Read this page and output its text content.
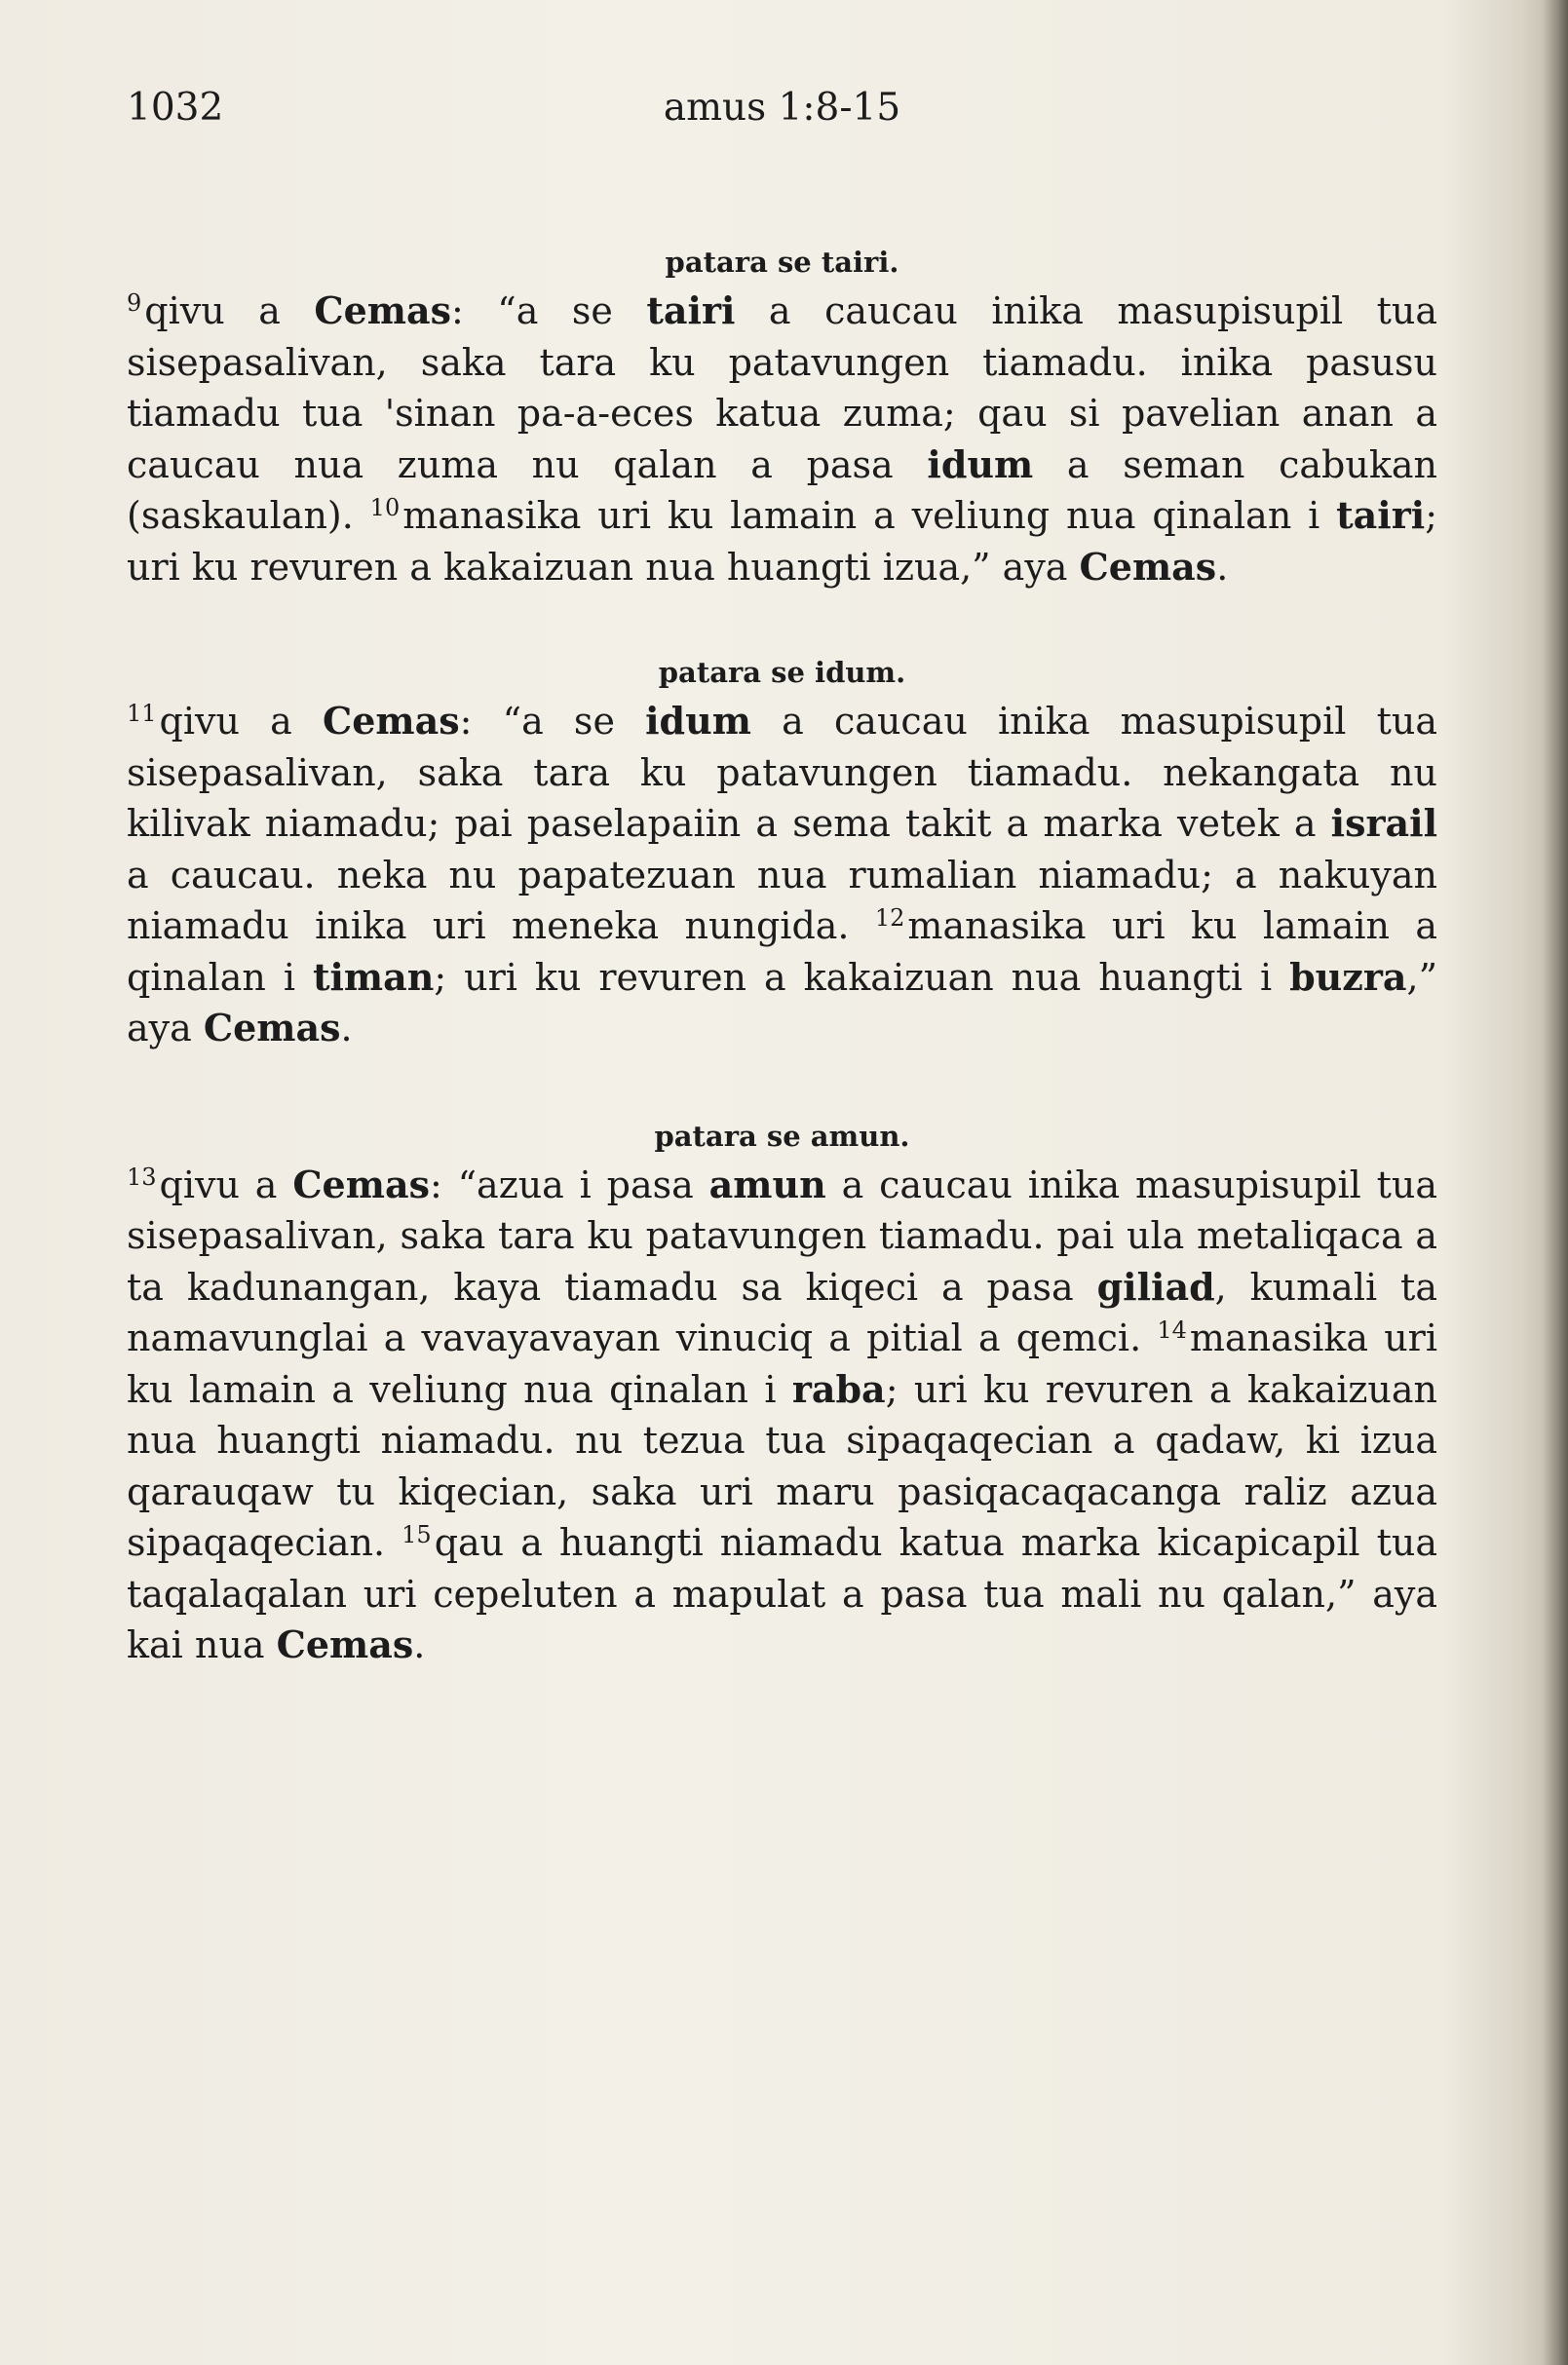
1032	amus 1:8-15
patara se tairi.

$^9$qivu a Cemas: “a se tairi a caucau inika masupisupil tua sisepasalivan, saka tara ku patavungen tiamadu. inika pasusu tiamadu tua 'sinan pa-a-eces katua zuma; qau si pavelian anan a caucau nua zuma nu qalan a pasa idum a seman cabukan (saskaulan). $^{10}$manasika uri ku lamain a veliung nua qinalan i tairi; uri ku revuren a kakaizuan nua huangti izua,” aya Cemas.

patara se idum.

$^{11}$qivu a Cemas: “a se idum a caucau inika masupisupil tua sisepasalivan, saka tara ku patavungen tiamadu. nekangata nu kilivak niamadu; pai paselapaiin a sema takit a marka vetek a israil a caucau. neka nu papatezuan nua rumalian niamadu; a nakuyan niamadu inika uri meneka nungida. $^{12}$manasika uri ku lamain a qinalan i timan; uri ku revuren a kakaizuan nua huangti i buzra,” aya Cemas.

patara se amun.

$^{13}$qivu a Cemas: “azua i pasa amun a caucau inika masupisupil tua sisepasalivan, saka tara ku patavungen tiamadu. pai ula metaliqaca a ta kadunangan, kaya tiamadu sa kiqeci a pasa giliad, kumali ta namavunglai a vavayavayan vinuciq a pitial a qemci. $^{14}$manasika uri ku lamain a veliung nua qinalan i raba; uri ku revuren a kakaizuan nua huangti niamadu. nu tezua tua sipaqaqecian a qadaw, ki izua qarauqaw tu kiqecian, saka uri maru pasiqacaqacanga raliz azua sipaqaqecian. $^{15}$qau a huangti niamadu katua marka kicapicapil tua taqalaqalan uri cepeluten a mapulat a pasa tua mali nu qalan,” aya kai nua Cemas.
